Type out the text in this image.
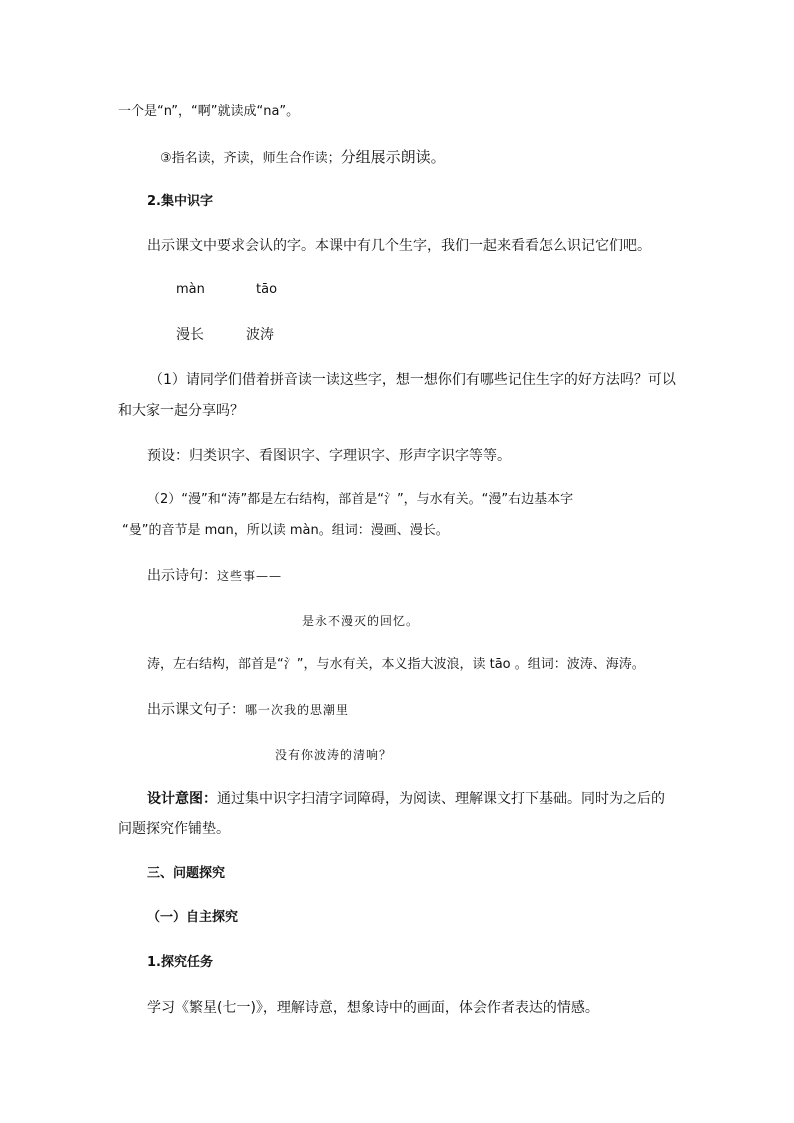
一个是“n”，“啊”就读成“na”。
③指名读，齐读，师生合作读；分组展示朗读。
2.集中识字
出示课文中要求会认的字。本课中有几个生字，我们一起来看看怎么识记它们吧。
màn	tāo
漫长	波涛
（1）请同学们借着拼音读一读这些字，想一想你们有哪些记住生字的好方法吗？可以
和大家一起分享吗？
预设：归类识字、看图识字、字理识字、形声字识字等等。
（2）“漫”和“涛”都是左右结构，部首是“氵”，与水有关。“漫”右边基本字
“曼”的音节是 mɑn，所以读 màn。组词：漫画、漫长。
出示诗句：这些事——
是永不漫灭的回忆。
涛，左右结构，部首是“氵”，与水有关，本义指大波浪，读 tāo 。组词：波涛、海涛。
出示课文句子：哪一次我的思潮里
没有你波涛的清响？
设计意图：通过集中识字扫清字词障碍，为阅读、理解课文打下基础。同时为之后的
问题探究作铺垫。
三、问题探究
（一）自主探究
1.探究任务
学习《繁星(七一)》，理解诗意，想象诗中的画面，体会作者表达的情感。
